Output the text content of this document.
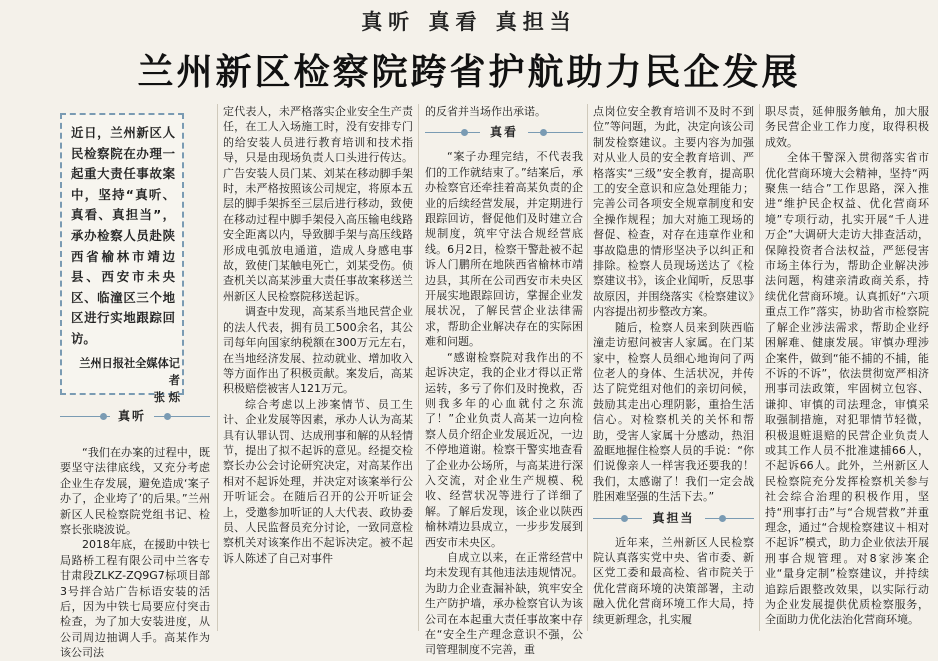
真听 真看 真担当
兰州新区检察院跨省护航助力民企发展
近日，兰州新区人民检察院在办理一起重大责任事故案中，坚持“真听、真看、真担当”，承办检察人员赴陕西省榆林市靖边县、西安市未央区、临潼区三个地区进行实地跟踪回访。
兰州日报社全媒体记者
张 烁
真听

“我们在办案的过程中，既要坚守法律底线，又充分考虑企业生存发展，避免造成‘案子办了，企业垮了’的后果。”兰州新区人民检察院党组书记、检察长张晓波说。

2018年底，在援助中铁七局路桥工程有限公司中兰客专甘肃段ZLKZ-ZQ9G7标项目部3号拌合站广告标语安装的活后，因为中铁七局要应付突击检查，为了加大安装进度，从公司周边抽调人手。高某作为该公司法

定代表人，未严格落实企业安全生产责任，在工人入场施工时，没有安排专门的给安装人员进行教育培训和技术指导，只是由现场负责人口头进行传达。广告安装人员门某、刘某在移动脚手架时，未严格按照该公司规定，将原本五层的脚手架拆至三层后进行移动，致使在移动过程中脚手架侵入高压输电线路安全距离以内，导致脚手架与高压线路形成电弧放电通道，造成人身感电事故，致使门某触电死亡，刘某受伤。侦查机关以高某涉重大责任事故案移送兰州新区人民检察院移送起诉。

调查中发现，高某系当地民营企业的法人代表，拥有员工500余名，其公司每年向国家纳税额在300万元左右，在当地经济发展、拉动就业、增加收入等方面作出了积极贡献。案发后，高某积极赔偿被害人121万元。

综合考虑以上涉案情节、员工生计、企业发展等因素，承办人认为高某具有认罪认罚、达成刑事和解的从轻情节，提出了拟不起诉的意见。经提交检察长办公会讨论研究决定，对高某作出相对不起诉处理，并决定对该案举行公开听证会。在随后召开的公开听证会上，受邀参加听证的人大代表、政协委员、人民监督员充分讨论，一致同意检察机关对该案作出不起诉决定。被不起诉人陈述了自己对事件

的反省并当场作出承诺。

真看

“案子办理完结，不代表我们的工作就结束了。”结案后，承办检察官还牵挂着高某负责的企业的后续经营发展，并定期进行跟踪回访，督促他们及时建立合规制度，筑牢守法合规经营底线。6月2日，检察干警赴被不起诉人门鹏所在地陕西省榆林市靖边县，其所在公司西安市未央区开展实地跟踪回访，掌握企业发展状况，了解民营企业法律需求，帮助企业解决存在的实际困难和问题。

“感谢检察院对我作出的不起诉决定，我的企业才得以正常运转，多亏了你们及时挽救，否则我多年的心血就付之东流了！”企业负责人高某一边向检察人员介绍企业发展近况，一边不停地道谢。检察干警实地查看了企业办公场所，与高某进行深入交流，对企业生产规模、税收、经营状况等进行了详细了解。了解后发现，该企业以陕西榆林靖边县成立，一步步发展到西安市未央区。

自成立以来，在正常经营中均未发现有其他违法违规情况。为助力企业查漏补缺，筑牢安全生产防护墙，承办检察官认为该公司在本起重大责任事故案中存在“安全生产理念意识不强，公司管理制度不完善，重

点岗位安全教育培训不及时不到位”等问题，为此，决定向该公司制发检察建议。主要内容为加强对从业人员的安全教育培训、严格落实“三级”安全教育，提高职工的安全意识和应急处理能力；完善公司各项安全规章制度和安全操作规程；加大对施工现场的督促、检查，对存在违章作业和事故隐患的情形坚决予以纠正和排除。检察人员现场送达了《检察建议书》，该企业闻听，反思事故原因，并围绕落实《检察建议》内容提出初步整改方案。

随后，检察人员来到陕西临潼走访慰问被害人家属。在门某家中，检察人员细心地询问了两位老人的身体、生活状况，并传达了院党组对他们的亲切问候，鼓励其走出心理阴影，重拾生活信心。对检察机关的关怀和帮助，受害人家属十分感动，热泪盈眶地握住检察人员的手说：“你们说像亲人一样害我还要我的！我们，太感谢了！我们一定会战胜困难坚强的生活下去。”

真担当

近年来，兰州新区人民检察院认真落实党中央、省市委、新区党工委和最高检、省市院关于优化营商环境的决策部署，主动融入优化营商环境工作大局，持续更新理念，扎实履

职尽责，延伸服务触角，加大服务民营企业工作力度，取得积极成效。

全体干警深入贯彻落实省市优化营商环境大会精神，坚持“两聚焦一结合”工作思路，深入推进“维护民企权益、优化营商环境”专项行动，扎实开展“千人进万企”大调研大走访大排查活动，保障投资者合法权益，严惩侵害市场主体行为，帮助企业解决涉法问题，构建亲清政商关系，持续优化营商环境。认真抓好“六项重点工作”落实，协助省市检察院了解企业涉法需求，帮助企业纾困解难、健康发展。审慎办理涉企案件，做到“能不捕的不捕，能不诉的不诉”，依法贯彻宽严相济刑事司法政策，牢固树立包容、谦抑、审慎的司法理念，审慎采取强制措施，对犯罪情节轻微，积极退赃退赔的民营企业负责人或其工作人员不批准逮捕66人，不起诉66人。此外，兰州新区人民检察院充分发挥检察机关参与社会综合治理的积极作用，坚持“刑事打击”与“合规营救”并重理念，通过“合规检察建议＋相对不起诉”模式，助力企业依法开展刑事合规管理。对8家涉案企业“量身定制”检察建议，并持续追踪后跟整改效果，以实际行动为企业发展提供优质检察服务，全面助力优化法治化营商环境。
